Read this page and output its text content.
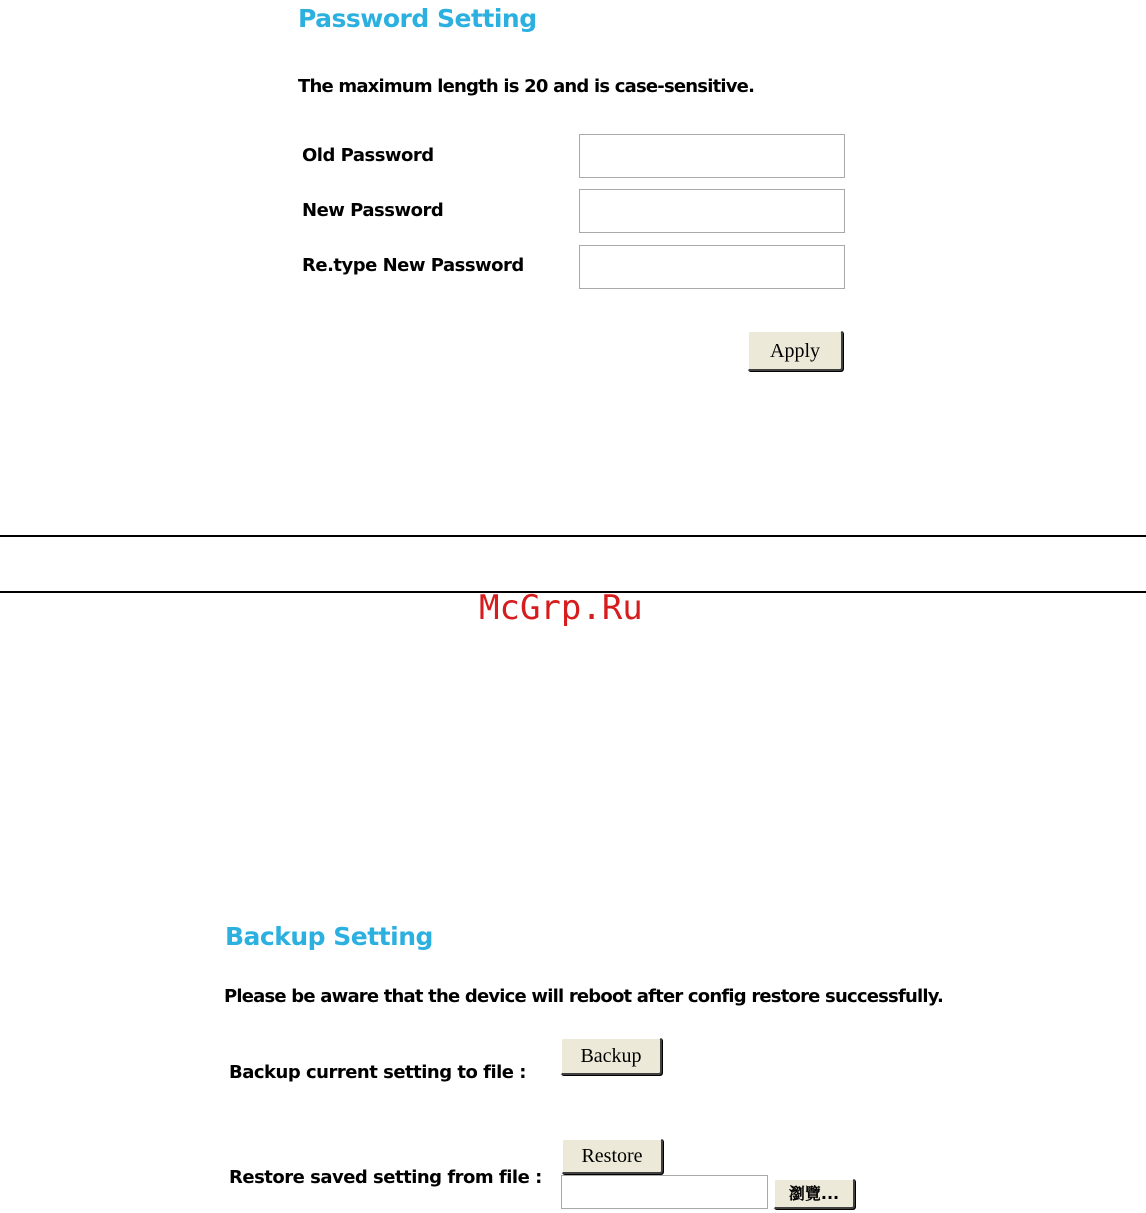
Password Setting
The maximum length is 20 and is case-sensitive.
Old Password
New Password
Re.type New Password
Apply
McGrp.Ru
Backup Setting
Please be aware that the device will reboot after config restore successfully.
Backup current setting to file :
Backup
Restore
Restore saved setting from file :
瀏覽...
